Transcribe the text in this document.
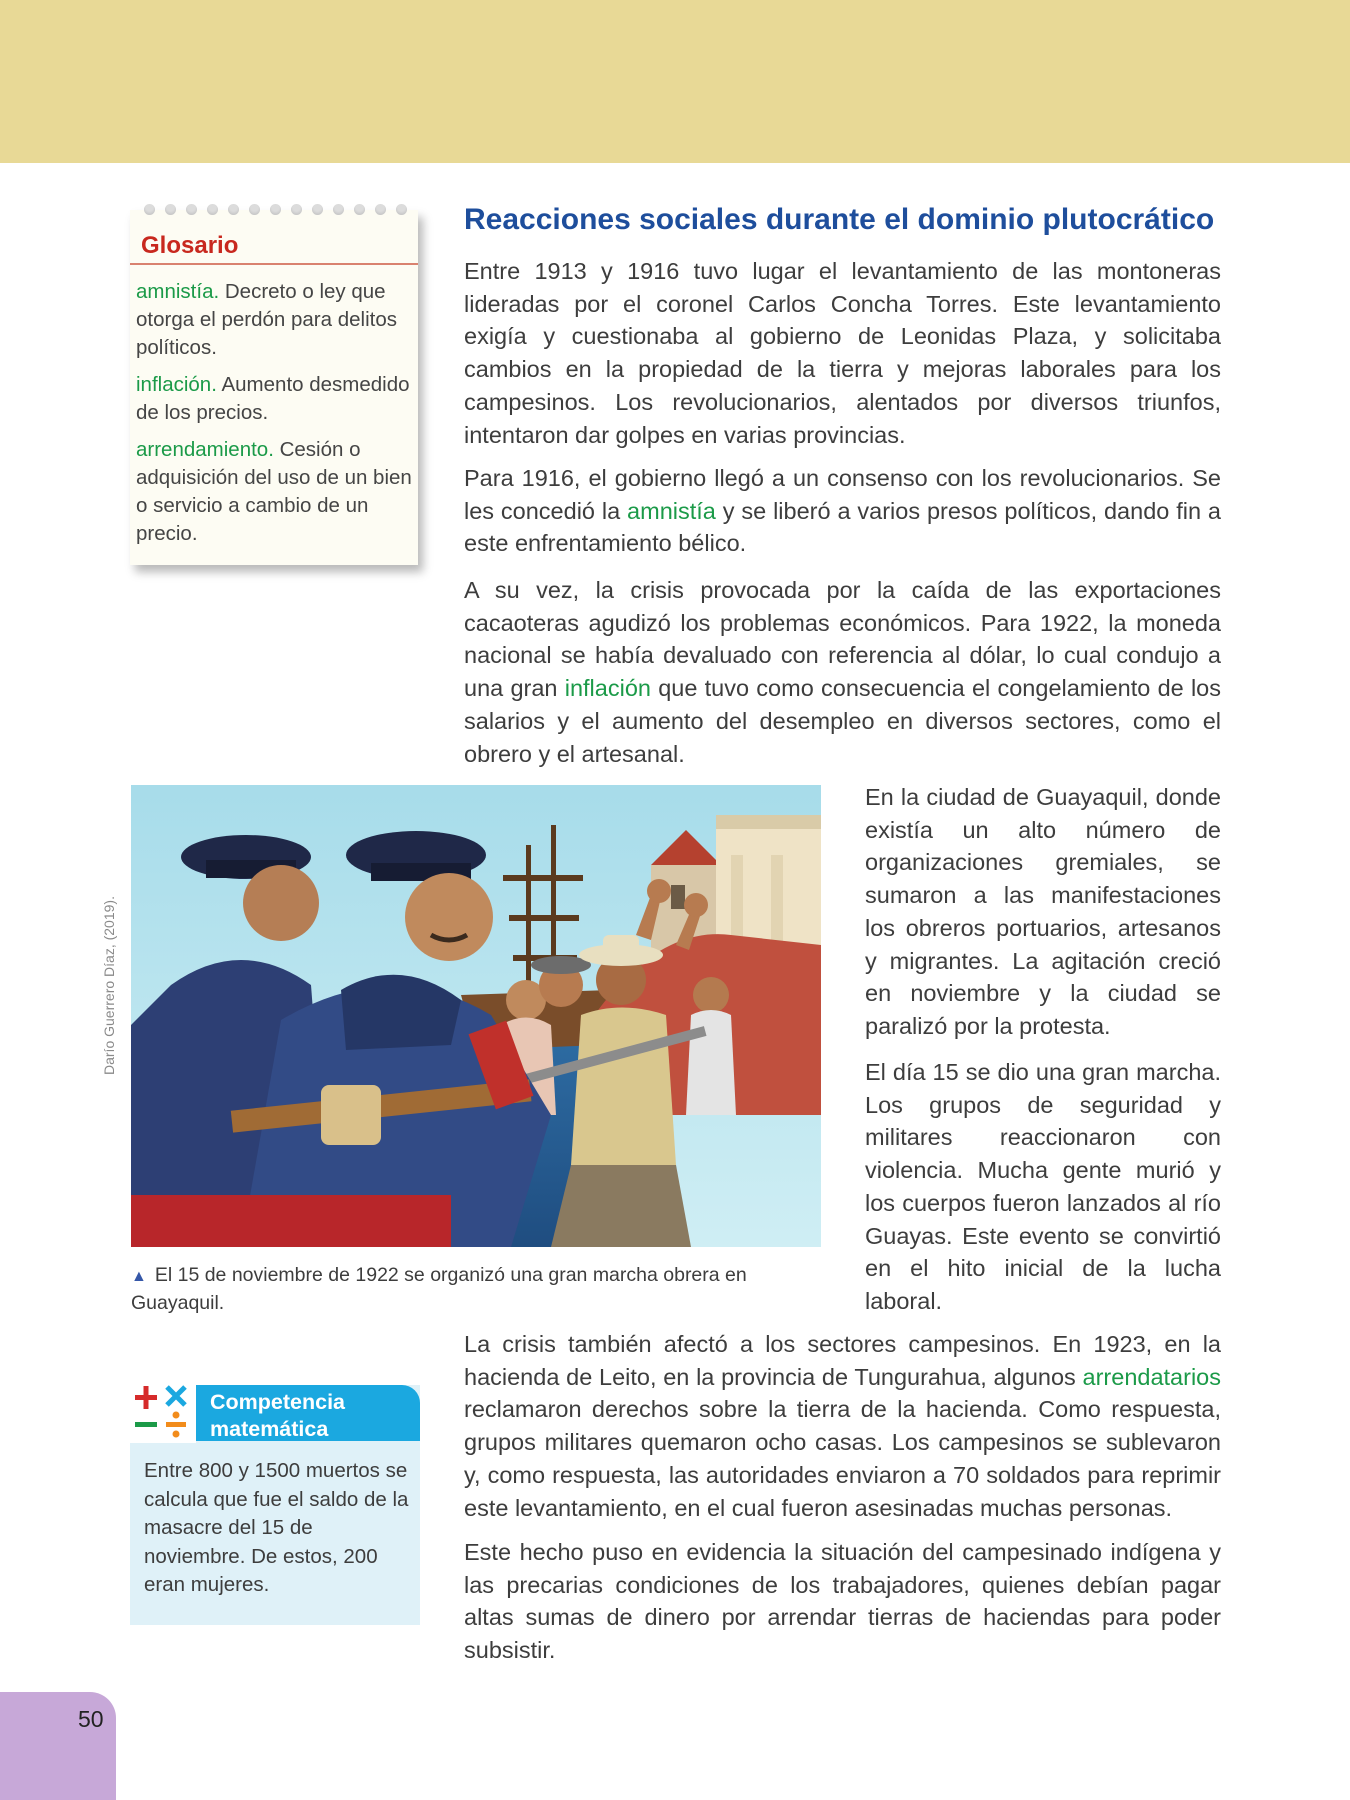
Glosario

amnistía. Decreto o ley que otorga el perdón para delitos políticos.

inflación. Aumento desmedido de los precios.

arrendamiento. Cesión o adquisición del uso de un bien o servicio a cambio de un precio.

Reacciones sociales durante el dominio plutocrático

Entre 1913 y 1916 tuvo lugar el levantamiento de las montoneras lideradas por el coronel Carlos Concha Torres. Este levantamiento exigía y cuestionaba al gobierno de Leonidas Plaza, y solicitaba cambios en la propiedad de la tierra y mejoras laborales para los campesinos. Los revolucionarios, alentados por diversos triunfos, intentaron dar golpes en varias provincias.

Para 1916, el gobierno llegó a un consenso con los revolucionarios. Se les concedió la amnistía y se liberó a varios presos políticos, dando fin a este enfrentamiento bélico.

A su vez, la crisis provocada por la caída de las exportaciones cacaoteras agudizó los problemas económicos. Para 1922, la moneda nacional se había devaluado con referencia al dólar, lo cual condujo a una gran inflación que tuvo como consecuencia el congelamiento de los salarios y el aumento del desempleo en diversos sectores, como el obrero y el artesanal.

En la ciudad de Guayaquil, donde existía un alto número de organizaciones gremiales, se sumaron a las manifestaciones los obreros portuarios, artesanos y migrantes. La agitación creció en noviembre y la ciudad se paralizó por la protesta.

El día 15 se dio una gran marcha. Los grupos de seguridad y militares reaccionaron con violencia. Mucha gente murió y los cuerpos fueron lanzados al río Guayas. Este evento se convirtió en el hito inicial de la lucha laboral.

La crisis también afectó a los sectores campesinos. En 1923, en la hacienda de Leito, en la provincia de Tungurahua, algunos arrendatarios reclamaron derechos sobre la tierra de la hacienda. Como respuesta, grupos militares quemaron ocho casas. Los campesinos se sublevaron y, como respuesta, las autoridades enviaron a 70 soldados para reprimir este levantamiento, en el cual fueron asesinadas muchas personas.

Este hecho puso en evidencia la situación del campesinado indígena y las precarias condiciones de los trabajadores, quienes debían pagar altas sumas de dinero por arrendar tierras de haciendas para poder subsistir.

Darío Guerrero Díaz, (2019).
▲ El 15 de noviembre de 1922 se organizó una gran marcha obrera en Guayaquil.
Competencia
matemática
Entre 800 y 1500 muertos se calcula que fue el saldo de la masacre del 15 de noviembre. De estos, 200 eran mujeres.
50
